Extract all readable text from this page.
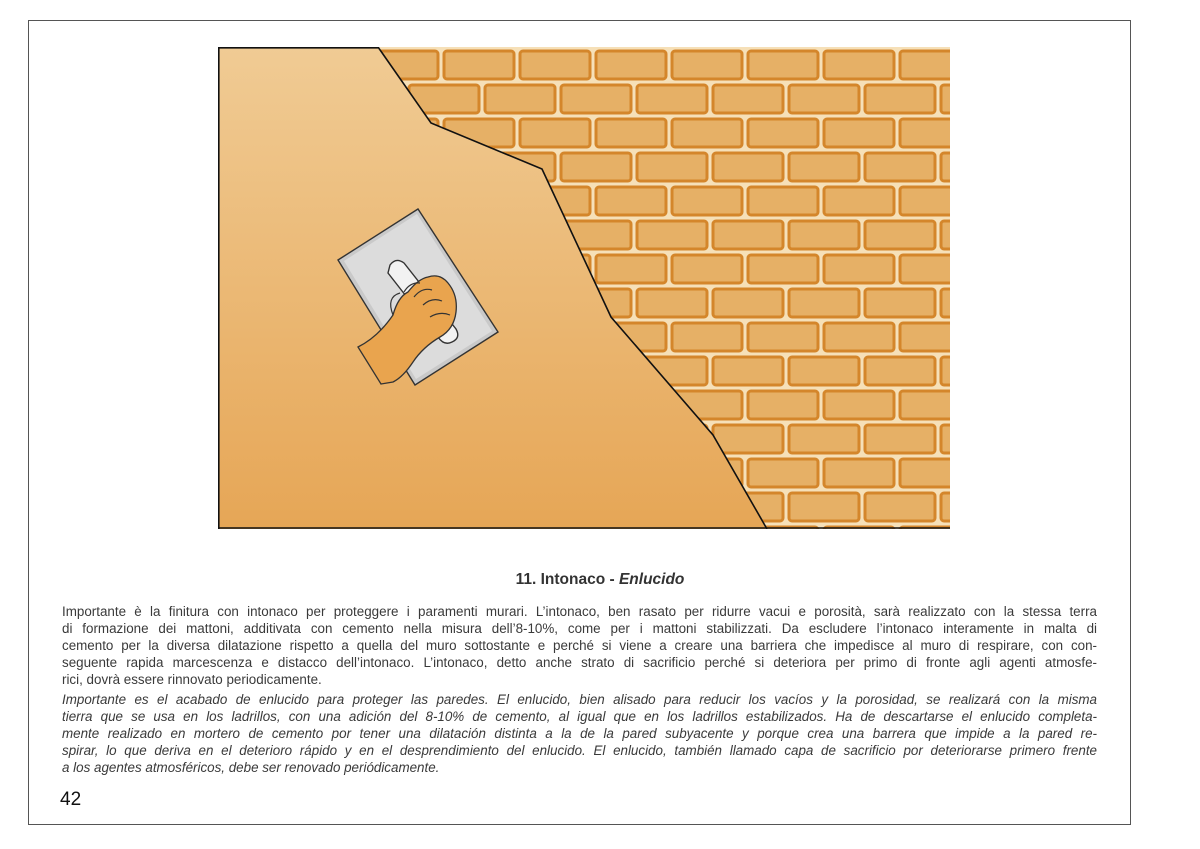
11. Intonaco - Enlucido

Importante è la finitura con intonaco per proteggere i paramenti murari. L’intonaco, ben rasato per ridurre vacui e porosità, sarà realizzato con la stessa terra
di formazione dei mattoni, additivata con cemento nella misura dell’8-10%, come per i mattoni stabilizzati. Da escludere l’intonaco interamente in malta di
cemento per la diversa dilatazione rispetto a quella del muro sottostante e perché si viene a creare una barriera che impedisce al muro di respirare, con con-
seguente rapida marcescenza e distacco dell’intonaco. L’intonaco, detto anche strato di sacrificio perché si deteriora per primo di fronte agli agenti atmosfe-
rici, dovrà essere rinnovato periodicamente.

Importante es el acabado de enlucido para proteger las paredes. El enlucido, bien alisado para reducir los vacíos y la porosidad, se realizará con la misma
tierra que se usa en los ladrillos, con una adición del 8-10% de cemento, al igual que en los ladrillos estabilizados. Ha de descartarse el enlucido completa-
mente realizado en mortero de cemento por tener una dilatación distinta a la de la pared subyacente y porque crea una barrera que impide a la pared re-
spirar, lo que deriva en el deterioro rápido y en el desprendimiento del enlucido. El enlucido, también llamado capa de sacrificio por deteriorarse primero frente
a los agentes atmosféricos, debe ser renovado periódicamente.

42
